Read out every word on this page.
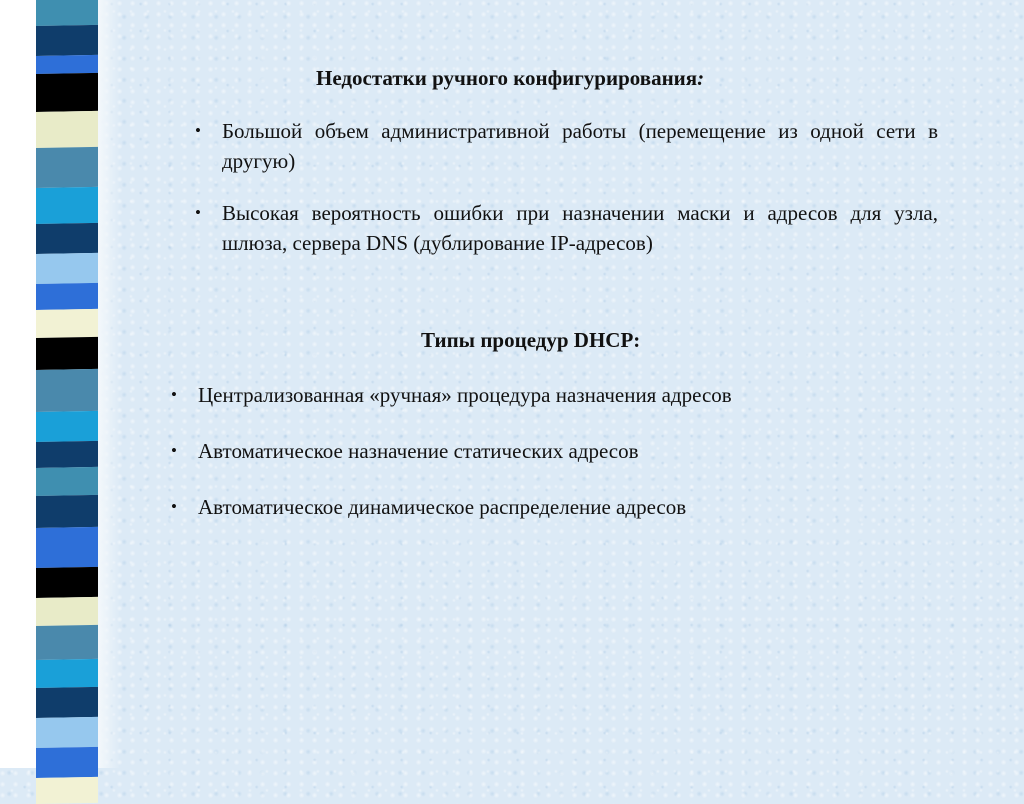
Недостатки ручного конфигурирования:
• Большой объем административной работы (перемещение из одной сети в другую)
• Высокая вероятность ошибки при назначении маски и адресов для узла, шлюза, сервера DNS (дублирование IP-адресов)
Типы процедур DHCP:
• Централизованная «ручная» процедура назначения адресов
• Автоматическое назначение статических адресов
• Автоматическое динамическое распределение адресов
